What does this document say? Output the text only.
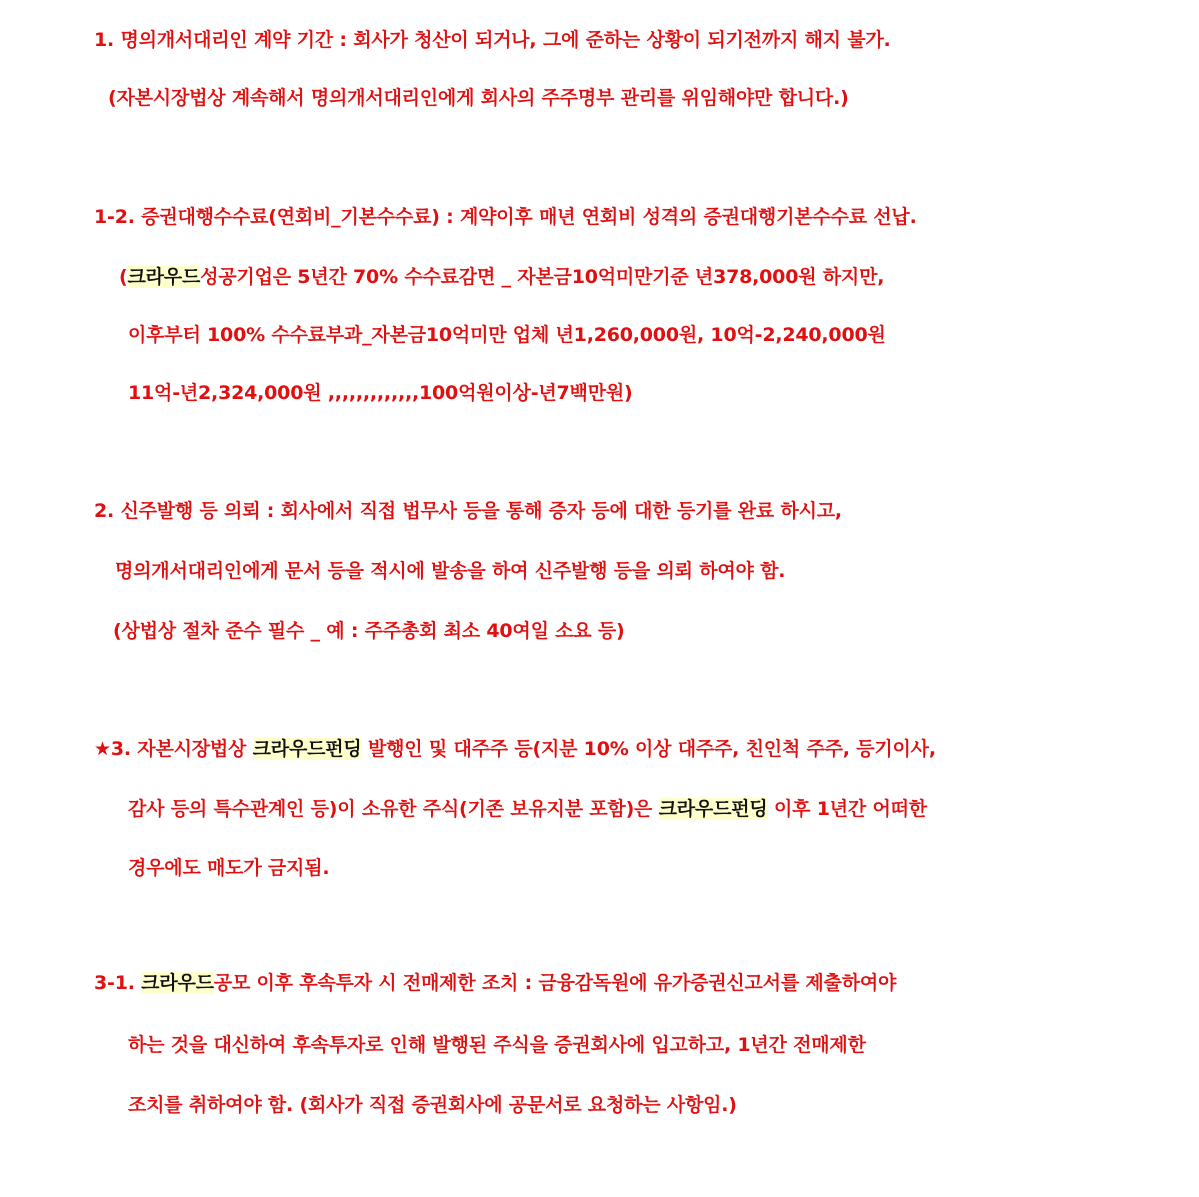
1. 명의개서대리인 계약 기간 : 회사가 청산이 되거나, 그에 준하는 상황이 되기전까지 해지 불가.
(자본시장법상 계속해서 명의개서대리인에게 회사의 주주명부 관리를 위임해야만 합니다.)
1-2. 증권대행수수료(연회비_기본수수료) : 계약이후 매년 연회비 성격의 증권대행기본수수료 선납.
(크라우드성공기업은 5년간 70% 수수료감면 _ 자본금10억미만기준 년378,000원 하지만,
이후부터 100% 수수료부과_자본금10억미만 업체 년1,260,000원, 10억-2,240,000원
11억-년2,324,000원 ,,,,,,,,,,,,,100억원이상-년7백만원)
2. 신주발행 등 의뢰 : 회사에서 직접 법무사 등을 통해 증자 등에 대한 등기를 완료 하시고,
명의개서대리인에게 문서 등을 적시에 발송을 하여 신주발행 등을 의뢰 하여야 함.
(상법상 절차 준수 필수 _ 예 : 주주총회 최소 40여일 소요 등)
★3. 자본시장법상 크라우드펀딩 발행인 및 대주주 등(지분 10% 이상 대주주, 친인척 주주, 등기이사,
감사 등의 특수관계인 등)이 소유한 주식(기존 보유지분 포함)은 크라우드펀딩 이후 1년간 어떠한
경우에도 매도가 금지됨.
3-1. 크라우드공모 이후 후속투자 시 전매제한 조치 : 금융감독원에 유가증권신고서를 제출하여야
하는 것을 대신하여 후속투자로 인해 발행된 주식을 증권회사에 입고하고, 1년간 전매제한
조치를 취하여야 함. (회사가 직접 증권회사에 공문서로 요청하는 사항임.)
